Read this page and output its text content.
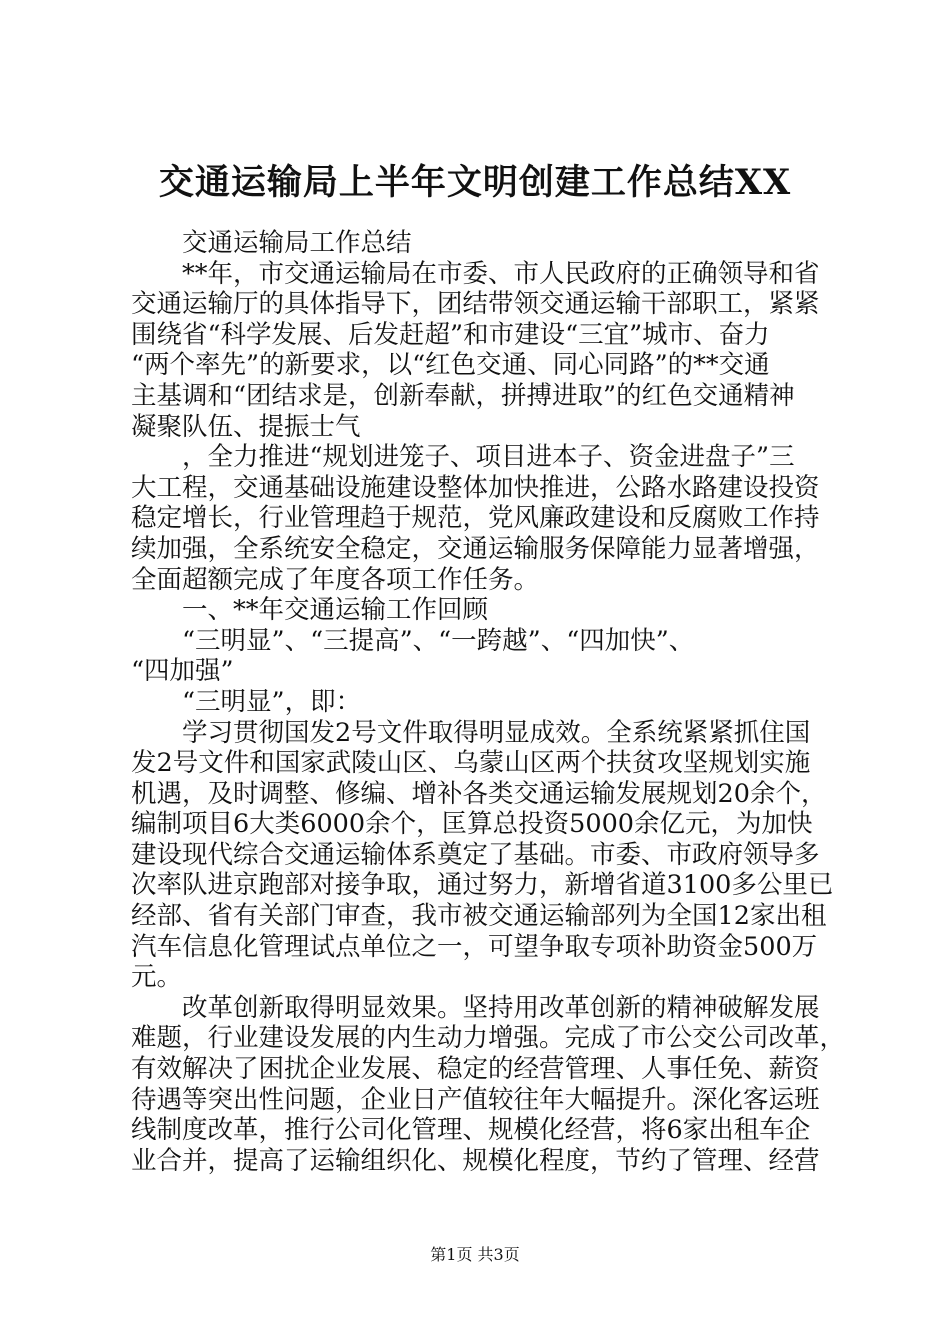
交通运输局上半年文明创建工作总结XX
　　交通运输局工作总结
　　**年，市交通运输局在市委、市人民政府的正确领导和省
交通运输厅的具体指导下，团结带领交通运输干部职工，紧紧
围绕省“科学发展、后发赶超”和市建设“三宜”城市、奋力
“两个率先”的新要求，以“红色交通、同心同路”的**交通
主基调和“团结求是，创新奉献，拼搏进取”的红色交通精神
凝聚队伍、提振士气
　　，全力推进“规划进笼子、项目进本子、资金进盘子”三
大工程，交通基础设施建设整体加快推进，公路水路建设投资
稳定增长，行业管理趋于规范，党风廉政建设和反腐败工作持
续加强，全系统安全稳定，交通运输服务保障能力显著增强，
全面超额完成了年度各项工作任务。
　　一、**年交通运输工作回顾
　　“三明显”、“三提高”、“一跨越”、“四加快”、
“四加强”
　　“三明显”，即：
　　学习贯彻国发2号文件取得明显成效。全系统紧紧抓住国
发2号文件和国家武陵山区、乌蒙山区两个扶贫攻坚规划实施
机遇，及时调整、修编、增补各类交通运输发展规划20余个，
编制项目6大类6000余个，匡算总投资5000余亿元，为加快
建设现代综合交通运输体系奠定了基础。市委、市政府领导多
次率队进京跑部对接争取，通过努力，新增省道3100多公里已
经部、省有关部门审查，我市被交通运输部列为全国12家出租
汽车信息化管理试点单位之一，可望争取专项补助资金500万
元。
　　改革创新取得明显效果。坚持用改革创新的精神破解发展
难题，行业建设发展的内生动力增强。完成了市公交公司改革，
有效解决了困扰企业发展、稳定的经营管理、人事任免、薪资
待遇等突出性问题，企业日产值较往年大幅提升。深化客运班
线制度改革，推行公司化管理、规模化经营，将6家出租车企
业合并，提高了运输组织化、规模化程度，节约了管理、经营
第1页 共3页
